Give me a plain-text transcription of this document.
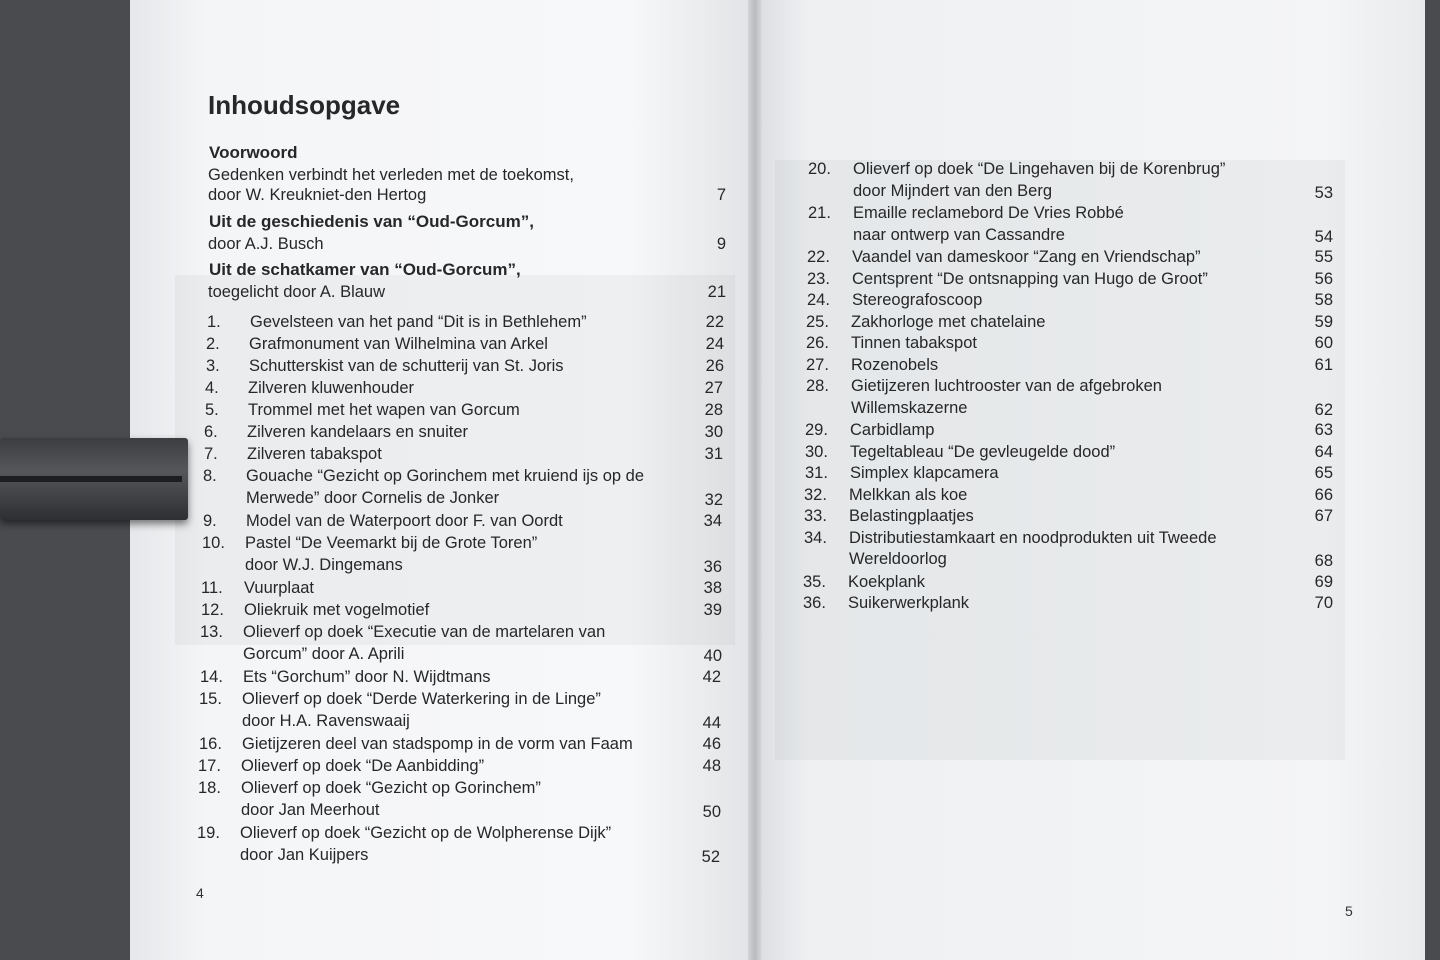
Inhoudsopgave
Voorwoord
Gedenken verbindt het verleden met de toekomst,
door W. Kreukniet-den Hertog	7
Uit de geschiedenis van “Oud-Gorcum”,
door A.J. Busch	9
Uit de schatkamer van “Oud-Gorcum”,
toegelicht door A. Blauw	21
1. Gevelsteen van het pand “Dit is in Bethlehem”	22
2. Grafmonument van Wilhelmina van Arkel	24
3. Schutterskist van de schutterij van St. Joris	26
4. Zilveren kluwenhouder	27
5. Trommel met het wapen van Gorcum	28
6. Zilveren kandelaars en snuiter	30
7. Zilveren tabakspot	31
8. Gouache “Gezicht op Gorinchem met kruiend ijs op de
Merwede” door Cornelis de Jonker	32
9. Model van de Waterpoort door F. van Oordt	34
10. Pastel “De Veemarkt bij de Grote Toren”
door W.J. Dingemans	36
11. Vuurplaat	38
12. Oliekruik met vogelmotief	39
13. Olieverf op doek “Executie van de martelaren van
Gorcum” door A. Aprili	40
14. Ets “Gorchum” door N. Wijdtmans	42
15. Olieverf op doek “Derde Waterkering in de Linge”
door H.A. Ravenswaaij	44
16. Gietijzeren deel van stadspomp in de vorm van Faam	46
17. Olieverf op doek “De Aanbidding”	48
18. Olieverf op doek “Gezicht op Gorinchem”
door Jan Meerhout	50
19. Olieverf op doek “Gezicht op de Wolpherense Dijk”
door Jan Kuijpers	52
20. Olieverf op doek “De Lingehaven bij de Korenbrug”
door Mijndert van den Berg	53
21. Emaille reclamebord De Vries Robbé
naar ontwerp van Cassandre	54
22. Vaandel van dameskoor “Zang en Vriendschap”	55
23. Centsprent “De ontsnapping van Hugo de Groot”	56
24. Stereografoscoop	58
25. Zakhorloge met chatelaine	59
26. Tinnen tabakspot	60
27. Rozenobels	61
28. Gietijzeren luchtrooster van de afgebroken
Willemskazerne	62
29. Carbidlamp	63
30. Tegeltableau “De gevleugelde dood”	64
31. Simplex klapcamera	65
32. Melkkan als koe	66
33. Belastingplaatjes	67
34. Distributiestamkaart en noodprodukten uit Tweede
Wereldoorlog	68
35. Koekplank	69
36. Suikerwerkplank	70
4
5
